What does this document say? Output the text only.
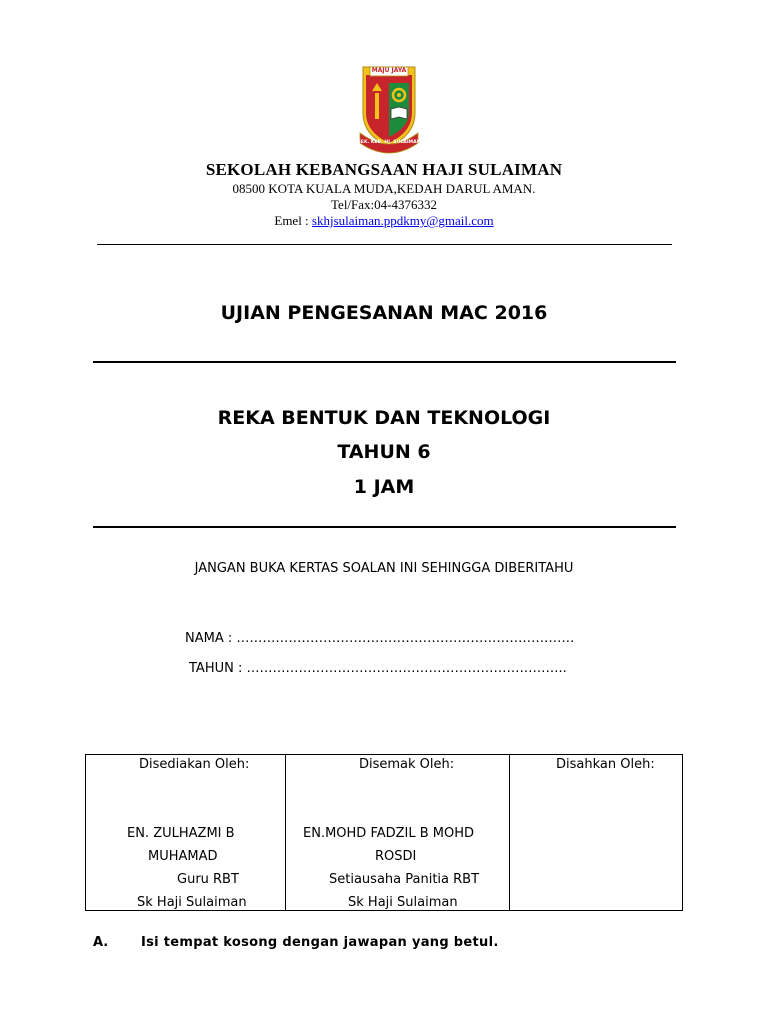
MAJU JAYA
SEK. KEB. HJ. SULAIMAN
SEKOLAH KEBANGSAAN HAJI SULAIMAN
08500 KOTA KUALA MUDA,KEDAH DARUL AMAN.
Tel/Fax:04-4376332
Emel : skhjsulaiman.ppdkmy@gmail.com
UJIAN PENGESANAN MAC 2016
REKA BENTUK DAN TEKNOLOGI
TAHUN 6
1 JAM
JANGAN BUKA KERTAS SOALAN INI SEHINGGA DIBERITAHU
NAMA : ……………………………………………………………………
TAHUN : ………………………………………………………………..
Disediakan Oleh:
EN. ZULHAZMI B
MUHAMAD
Guru RBT
Sk Haji Sulaiman
Disemak Oleh:
EN.MOHD FADZIL B MOHD
ROSDI
Setiausaha Panitia RBT
Sk Haji Sulaiman
Disahkan Oleh:
A.	Isi tempat kosong dengan jawapan yang betul.
